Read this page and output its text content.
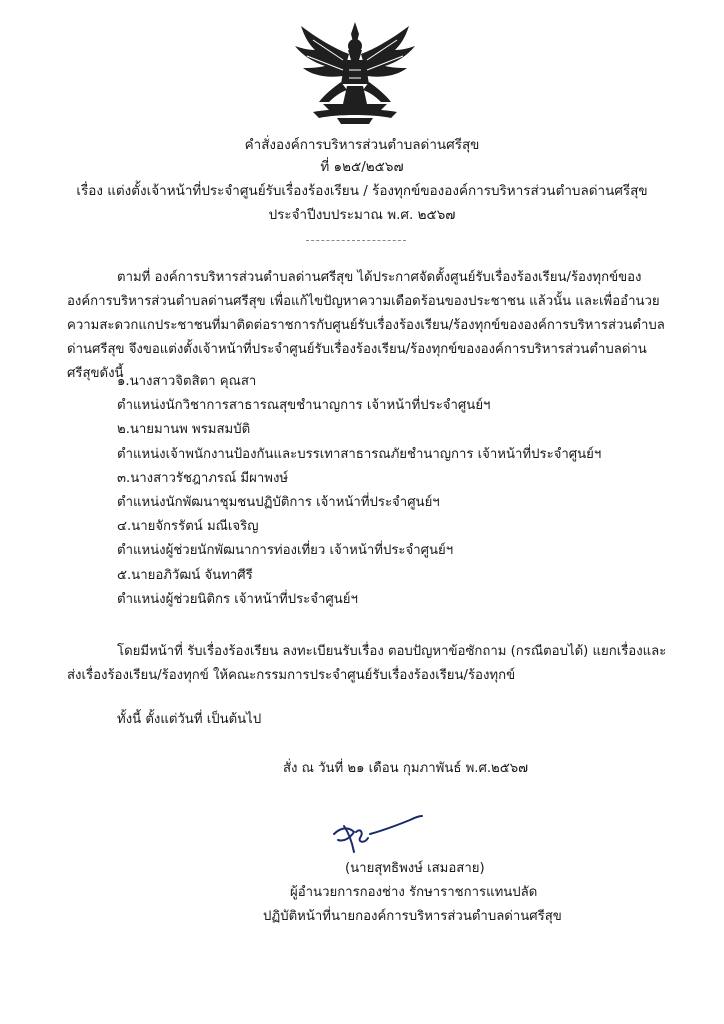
คำสั่งองค์การบริหารส่วนตำบลด่านศรีสุข
ที่ ๑๒๕/๒๕๖๗
เรื่อง แต่งตั้งเจ้าหน้าที่ประจำศูนย์รับเรื่องร้องเรียน / ร้องทุกข์ขององค์การบริหารส่วนตำบลด่านศรีสุข
ประจำปีงบประมาณ พ.ศ. ๒๕๖๗
ตามที่ องค์การบริหารส่วนตำบลด่านศรีสุข ได้ประกาศจัดตั้งศูนย์รับเรื่องร้องเรียน/ร้องทุกข์ขององค์การบริหารส่วนตำบลด่านศรีสุข เพื่อแก้ไขปัญหาความเดือดร้อนของประชาชน แล้วนั้น และเพื่ออำนวยความสะดวกแกประชาชนที่มาติดต่อราชการกับศูนย์รับเรื่องร้องเรียน/ร้องทุกข์ขององค์การบริหารส่วนตำบลด่านศรีสุข จึงขอแต่งตั้งเจ้าหน้าที่ประจำศูนย์รับเรื่องร้องเรียน/ร้องทุกข์ขององค์การบริหารส่วนตำบลด่านศรีสุขดังนี้
๑.นางสาวจิตสิตา คุณสา
ตำแหน่งนักวิชาการสาธารณสุขชำนาญการ เจ้าหน้าที่ประจำศูนย์ฯ
๒.นายมานพ พรมสมบัติ
ตำแหน่งเจ้าพนักงานป้องกันและบรรเทาสาธารณภัยชำนาญการ เจ้าหน้าที่ประจำศูนย์ฯ
๓.นางสาวรัชฎาภรณ์ มีผาพงษ์
ตำแหน่งนักพัฒนาชุมชนปฏิบัติการ เจ้าหน้าที่ประจำศูนย์ฯ
๔.นายจักรรัตน์ มณีเจริญ
ตำแหน่งผู้ช่วยนักพัฒนาการท่องเที่ยว เจ้าหน้าที่ประจำศูนย์ฯ
๕.นายอภิวัฒน์ จันทาศีรี
ตำแหน่งผู้ช่วยนิติกร เจ้าหน้าที่ประจำศูนย์ฯ
โดยมีหน้าที่ รับเรื่องร้องเรียน ลงทะเบียนรับเรื่อง ตอบปัญหาข้อซักถาม (กรณีตอบได้) แยกเรื่องและส่งเรื่องร้องเรียน/ร้องทุกข์ ให้คณะกรรมการประจำศูนย์รับเรื่องร้องเรียน/ร้องทุกข์
ทั้งนี้ ตั้งแต่วันที่ เป็นต้นไป
สั่ง ณ วันที่ ๒๑ เดือน กุมภาพันธ์ พ.ศ.๒๕๖๗
(นายสุทธิพงษ์ เสมอสาย)
ผู้อำนวยการกองช่าง รักษาราชการแทนปลัด
ปฏิบัติหน้าที่นายกองค์การบริหารส่วนตำบลด่านศรีสุข
